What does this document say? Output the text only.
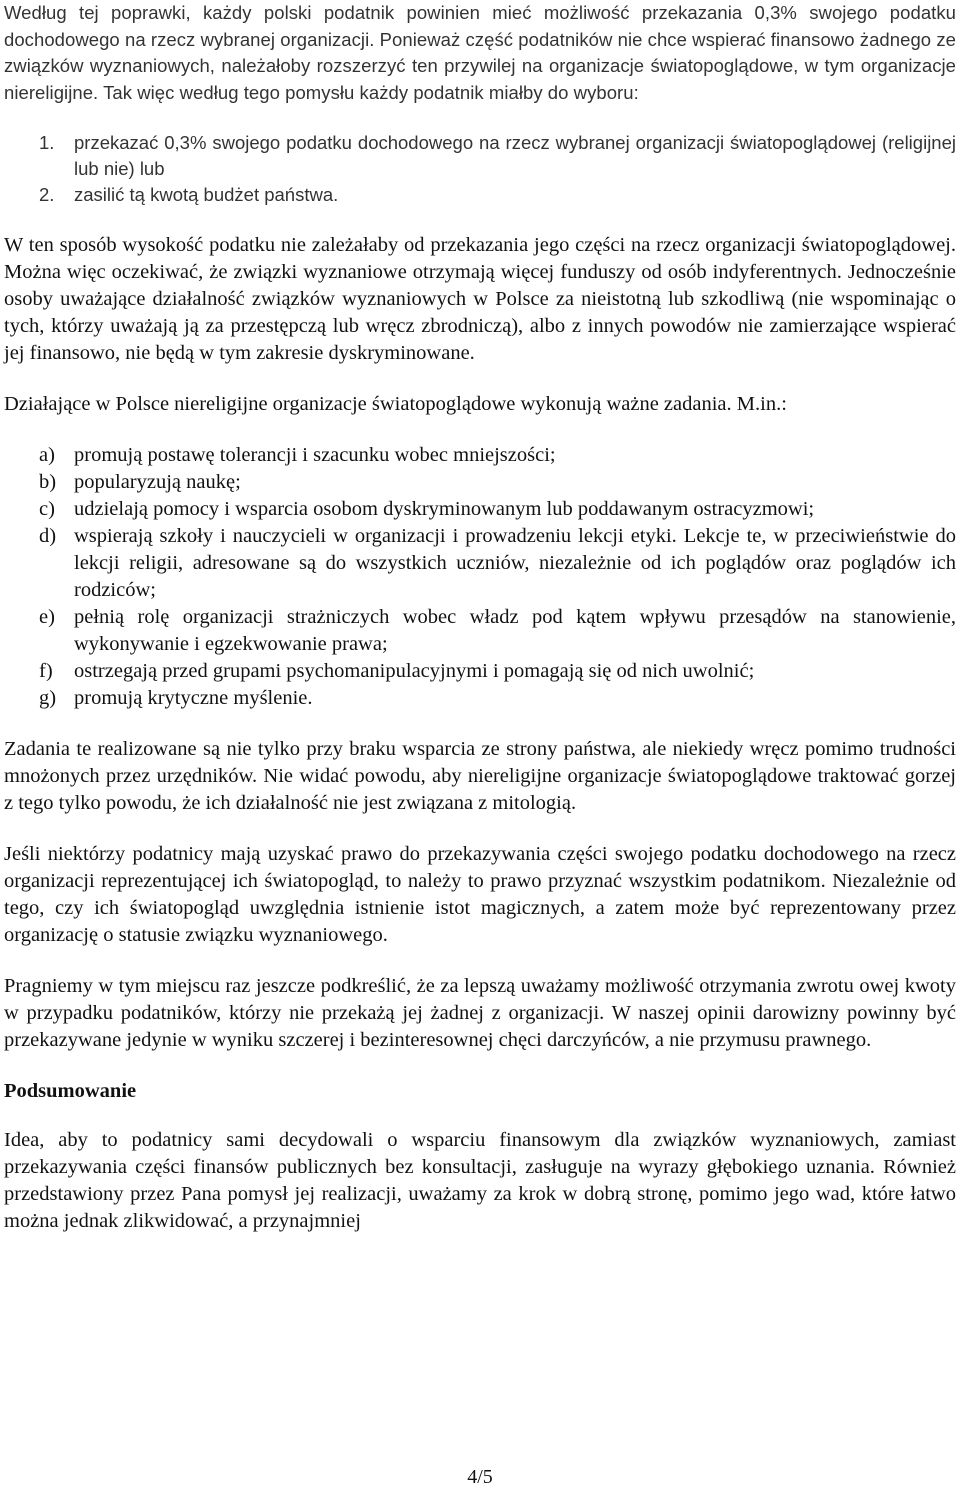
Według tej poprawki, każdy polski podatnik powinien mieć możliwość przekazania 0,3% swojego podatku dochodowego na rzecz wybranej organizacji. Ponieważ część podatników nie chce wspierać finansowo żadnego ze związków wyznaniowych, należałoby rozszerzyć ten przywilej na organizacje światopoglądowe, w tym organizacje niereligijne. Tak więc według tego pomysłu każdy podatnik miałby do wyboru:

1. przekazać 0,3% swojego podatku dochodowego na rzecz wybranej organizacji światopoglądowej (religijnej lub nie) lub
2. zasilić tą kwotą budżet państwa.

W ten sposób wysokość podatku nie zależałaby od przekazania jego części na rzecz organizacji światopoglądowej. Można więc oczekiwać, że związki wyznaniowe otrzymają więcej funduszy od osób indyferentnych. Jednocześnie osoby uważające działalność związków wyznaniowych w Polsce za nieistotną lub szkodliwą (nie wspominając o tych, którzy uważają ją za przestępczą lub wręcz zbrodniczą), albo z innych powodów nie zamierzające wspierać jej finansowo, nie będą w tym zakresie dyskryminowane.

Działające w Polsce niereligijne organizacje światopoglądowe wykonują ważne zadania. M.in.:

a) promują postawę tolerancji i szacunku wobec mniejszości;
b) popularyzują naukę;
c) udzielają pomocy i wsparcia osobom dyskryminowanym lub poddawanym ostracyzmowi;
d) wspierają szkoły i nauczycieli w organizacji i prowadzeniu lekcji etyki. Lekcje te, w przeciwieństwie do lekcji religii, adresowane są do wszystkich uczniów, niezależnie od ich poglądów oraz poglądów ich rodziców;
e) pełnią rolę organizacji strażniczych wobec władz pod kątem wpływu przesądów na stanowienie, wykonywanie i egzekwowanie prawa;
f) ostrzegają przed grupami psychomanipulacyjnymi i pomagają się od nich uwolnić;
g) promują krytyczne myślenie.

Zadania te realizowane są nie tylko przy braku wsparcia ze strony państwa, ale niekiedy wręcz pomimo trudności mnożonych przez urzędników. Nie widać powodu, aby niereligijne organizacje światopoglądowe traktować gorzej z tego tylko powodu, że ich działalność nie jest związana z mitologią.

Jeśli niektórzy podatnicy mają uzyskać prawo do przekazywania części swojego podatku dochodowego na rzecz organizacji reprezentującej ich światopogląd, to należy to prawo przyznać wszystkim podatnikom. Niezależnie od tego, czy ich światopogląd uwzględnia istnienie istot magicznych, a zatem może być reprezentowany przez organizację o statusie związku wyznaniowego.

Pragniemy w tym miejscu raz jeszcze podkreślić, że za lepszą uważamy możliwość otrzymania zwrotu owej kwoty w przypadku podatników, którzy nie przekażą jej żadnej z organizacji. W naszej opinii darowizny powinny być przekazywane jedynie w wyniku szczerej i bezinteresownej chęci darczyńców, a nie przymusu prawnego.

Podsumowanie

Idea, aby to podatnicy sami decydowali o wsparciu finansowym dla związków wyznaniowych, zamiast przekazywania części finansów publicznych bez konsultacji, zasługuje na wyrazy głębokiego uznania. Również przedstawiony przez Pana pomysł jej realizacji, uważamy za krok w dobrą stronę, pomimo jego wad, które łatwo można jednak zlikwidować, a przynajmniej

4/5
